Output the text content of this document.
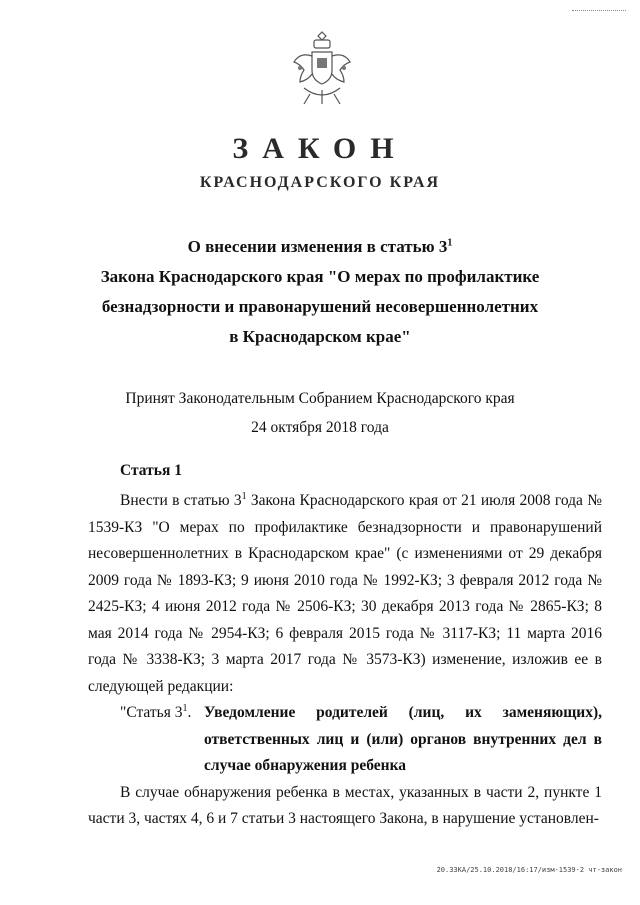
ЗАКОН
КРАСНОДАРСКОГО КРАЯ
О внесении изменения в статью $3^1$
Закона Краснодарского края "О мерах по профилактике
безнадзорности и правонарушений несовершеннолетних
в Краснодарском крае"
Принят Законодательным Собранием Краснодарского края
24 октября 2018 года
Статья 1

Внести в статью $3^1$ Закона Краснодарского края от 21 июля 2008 года № 1539-КЗ "О мерах по профилактике безнадзорности и правонарушений несовершеннолетних в Краснодарском крае" (с изменениями от 29 декабря 2009 года № 1893-КЗ; 9 июня 2010 года № 1992-КЗ; 3 февраля 2012 года № 2425-КЗ; 4 июня 2012 года № 2506-КЗ; 30 декабря 2013 года № 2865-КЗ; 8 мая 2014 года № 2954-КЗ; 6 февраля 2015 года № 3117-КЗ; 11 марта 2016 года № 3338-КЗ; 3 марта 2017 года № 3573-КЗ) изменение, изложив ее в следующей редакции:

"Статья $3^1$. Уведомление родителей (лиц, их заменяющих), ответственных лиц и (или) органов внутренних дел в случае обнаружения ребенка

В случае обнаружения ребенка в местах, указанных в части 2, пункте 1 части 3, частях 4, 6 и 7 статьи 3 настоящего Закона, в нарушение установлен-

20.3ЗКА/25.10.2018/16:17/изм-1539-2 чт-закон
